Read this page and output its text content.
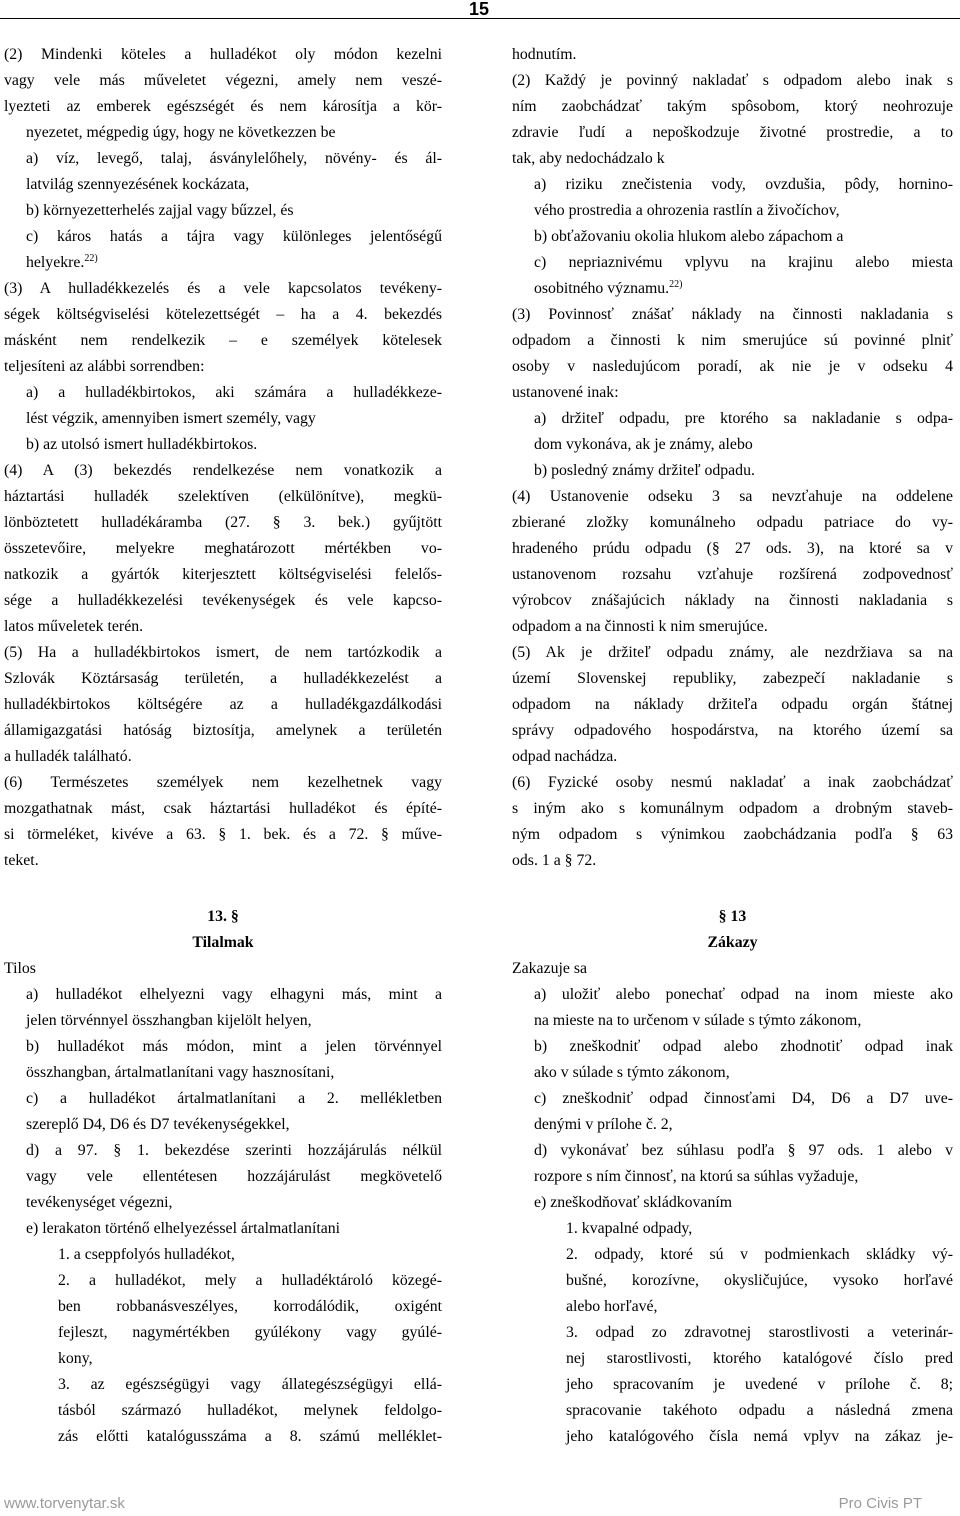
15
(2) Mindenki köteles a hulladékot oly módon kezelni
vagy vele más műveletet végezni, amely nem veszé-
lyezteti az emberek egészségét és nem károsítja a kör-
nyezetet, mégpedig úgy, hogy ne következzen be
a) víz, levegő, talaj, ásványlelőhely, növény- és ál-
latvilág szennyezésének kockázata,
b) környezetterhelés zajjal vagy bűzzel, és
c) káros hatás a tájra vagy különleges jelentőségű
helyekre.$^{22)}$
(3) A hulladékkezelés és a vele kapcsolatos tevékeny-
ségek költségviselési kötelezettségét – ha a 4. bekezdés
másként nem rendelkezik – e személyek kötelesek
teljesíteni az alábbi sorrendben:
a) a hulladékbirtokos, aki számára a hulladékkeze-
lést végzik, amennyiben ismert személy, vagy
b) az utolsó ismert hulladékbirtokos.
(4) A (3) bekezdés rendelkezése nem vonatkozik a
háztartási hulladék szelektíven (elkülönítve), megkü-
lönböztetett hulladékáramba (27. § 3. bek.) gyűjtött
összetevőire, melyekre meghatározott mértékben vo-
natkozik a gyártók kiterjesztett költségviselési felelős-
sége a hulladékkezelési tevékenységek és vele kapcso-
latos műveletek terén.
(5) Ha a hulladékbirtokos ismert, de nem tartózkodik a
Szlovák Köztársaság területén, a hulladékkezelést a
hulladékbirtokos költségére az a hulladékgazdálkodási
államigazgatási hatóság biztosítja, amelynek a területén
a hulladék található.
(6) Természetes személyek nem kezelhetnek vagy
mozgathatnak mást, csak háztartási hulladékot és építé-
si törmeléket, kivéve a 63. § 1. bek. és a 72. § műve-
teket.
hodnutím.
(2) Každý je povinný nakladať s odpadom alebo inak s
ním zaobchádzať takým spôsobom, ktorý neohrozuje
zdravie ľudí a nepoškodzuje životné prostredie, a to
tak, aby nedochádzalo k
a) riziku znečistenia vody, ovzdušia, pôdy, hornino-
vého prostredia a ohrozenia rastlín a živočíchov,
b) obťažovaniu okolia hlukom alebo zápachom a
c) nepriaznivému vplyvu na krajinu alebo miesta
osobitného významu.$^{22)}$
(3) Povinnosť znášať náklady na činnosti nakladania s
odpadom a činnosti k nim smerujúce sú povinné plniť
osoby v nasledujúcom poradí, ak nie je v odseku 4
ustanovené inak:
a) držiteľ odpadu, pre ktorého sa nakladanie s odpa-
dom vykonáva, ak je známy, alebo
b) posledný známy držiteľ odpadu.
(4) Ustanovenie odseku 3 sa nevzťahuje na oddelene
zbierané zložky komunálneho odpadu patriace do vy-
hradeného prúdu odpadu (§ 27 ods. 3), na ktoré sa v
ustanovenom rozsahu vzťahuje rozšírená zodpovednosť
výrobcov znášajúcich náklady na činnosti nakladania s
odpadom a na činnosti k nim smerujúce.
(5) Ak je držiteľ odpadu známy, ale nezdržiava sa na
území Slovenskej republiky, zabezpečí nakladanie s
odpadom na náklady držiteľa odpadu orgán štátnej
správy odpadového hospodárstva, na ktorého území sa
odpad nachádza.
(6) Fyzické osoby nesmú nakladať a inak zaobchádzať
s iným ako s komunálnym odpadom a drobným staveb-
ným odpadom s výnimkou zaobchádzania podľa § 63
ods. 1 a § 72.
13. §
Tilalmak
Tilos
a) hulladékot elhelyezni vagy elhagyni más, mint a
jelen törvénnyel összhangban kijelölt helyen,
b) hulladékot más módon, mint a jelen törvénnyel
összhangban, ártalmatlanítani vagy hasznosítani,
c) a hulladékot ártalmatlanítani a 2. mellékletben
szereplő D4, D6 és D7 tevékenységekkel,
d) a 97. § 1. bekezdése szerinti hozzájárulás nélkül
vagy vele ellentétesen hozzájárulást megkövetelő
tevékenységet végezni,
e) lerakaton történő elhelyezéssel ártalmatlanítani
1. a cseppfolyós hulladékot,
2. a hulladékot, mely a hulladéktároló közegé-
ben robbanásveszélyes, korrodálódik, oxigént
fejleszt, nagymértékben gyúlékony vagy gyúlé-
kony,
3. az egészségügyi vagy állategészségügyi ellá-
tásból származó hulladékot, melynek feldolgo-
zás előtti katalógusszáma a 8. számú melléklet-
§ 13
Zákazy
Zakazuje sa
a) uložiť alebo ponechať odpad na inom mieste ako
na mieste na to určenom v súlade s týmto zákonom,
b) zneškodniť odpad alebo zhodnotiť odpad inak
ako v súlade s týmto zákonom,
c) zneškodniť odpad činnosťami D4, D6 a D7 uve-
denými v prílohe č. 2,
d) vykonávať bez súhlasu podľa § 97 ods. 1 alebo v
rozpore s ním činnosť, na ktorú sa súhlas vyžaduje,
e) zneškodňovať skládkovaním
1. kvapalné odpady,
2. odpady, ktoré sú v podmienkach skládky vý-
bušné, korozívne, okysličujúce, vysoko horľavé
alebo horľavé,
3. odpad zo zdravotnej starostlivosti a veterinár-
nej starostlivosti, ktorého katalógové číslo pred
jeho spracovaním je uvedené v prílohe č. 8;
spracovanie takéhoto odpadu a následná zmena
jeho katalógového čísla nemá vplyv na zákaz je-
www.torvenytar.sk	Pro Civis PT
